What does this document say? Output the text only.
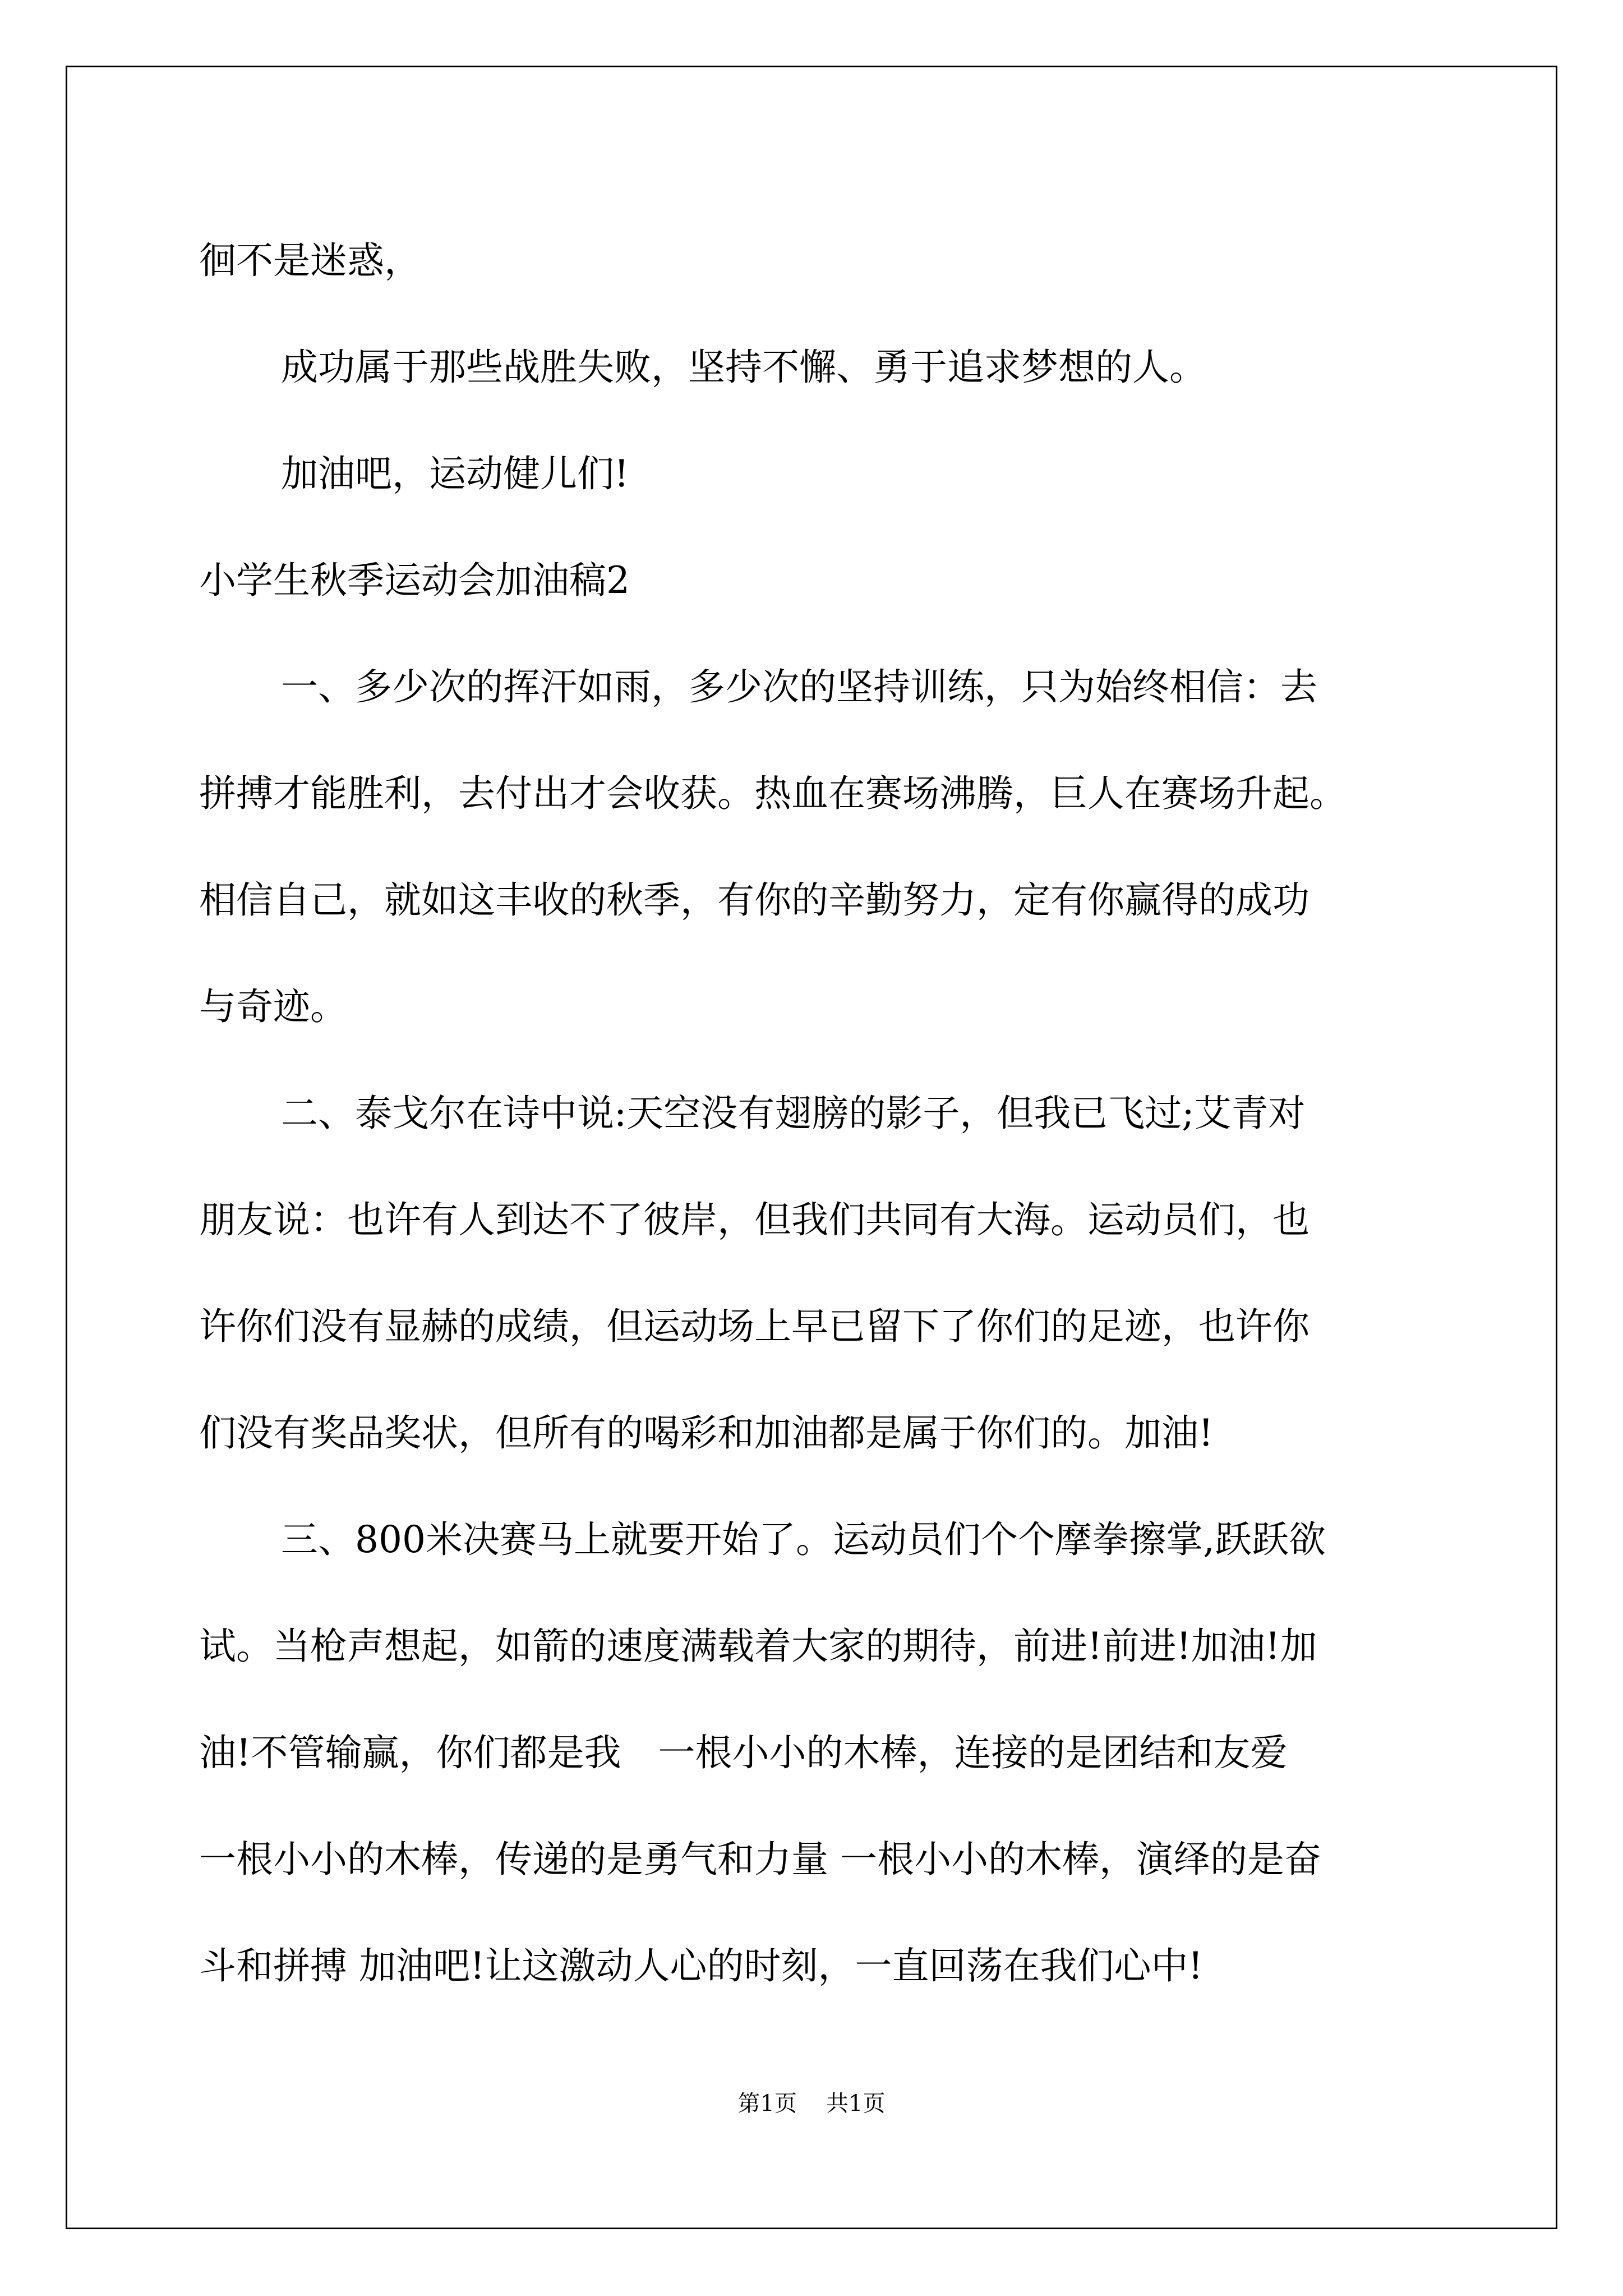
徊不是迷惑，
成功属于那些战胜失败，坚持不懈、勇于追求梦想的人。
加油吧，运动健儿们!
小学生秋季运动会加油稿2
一、多少次的挥汗如雨，多少次的坚持训练，只为始终相信：去
拼搏才能胜利，去付出才会收获。热血在赛场沸腾，巨人在赛场升起。
相信自己，就如这丰收的秋季，有你的辛勤努力，定有你赢得的成功
与奇迹。
二、泰戈尔在诗中说:天空没有翅膀的影子，但我已飞过;艾青对
朋友说：也许有人到达不了彼岸，但我们共同有大海。运动员们，也
许你们没有显赫的成绩，但运动场上早已留下了你们的足迹，也许你
们没有奖品奖状，但所有的喝彩和加油都是属于你们的。加油!
三、800米决赛马上就要开始了。运动员们个个摩拳擦掌,跃跃欲
试。当枪声想起，如箭的速度满载着大家的期待，前进!前进!加油!加
油!不管输赢，你们都是我　一根小小的木棒，连接的是团结和友爱
一根小小的木棒，传递的是勇气和力量 一根小小的木棒，演绎的是奋
斗和拼搏 加油吧!让这激动人心的时刻，一直回荡在我们心中!
第1页 共1页
